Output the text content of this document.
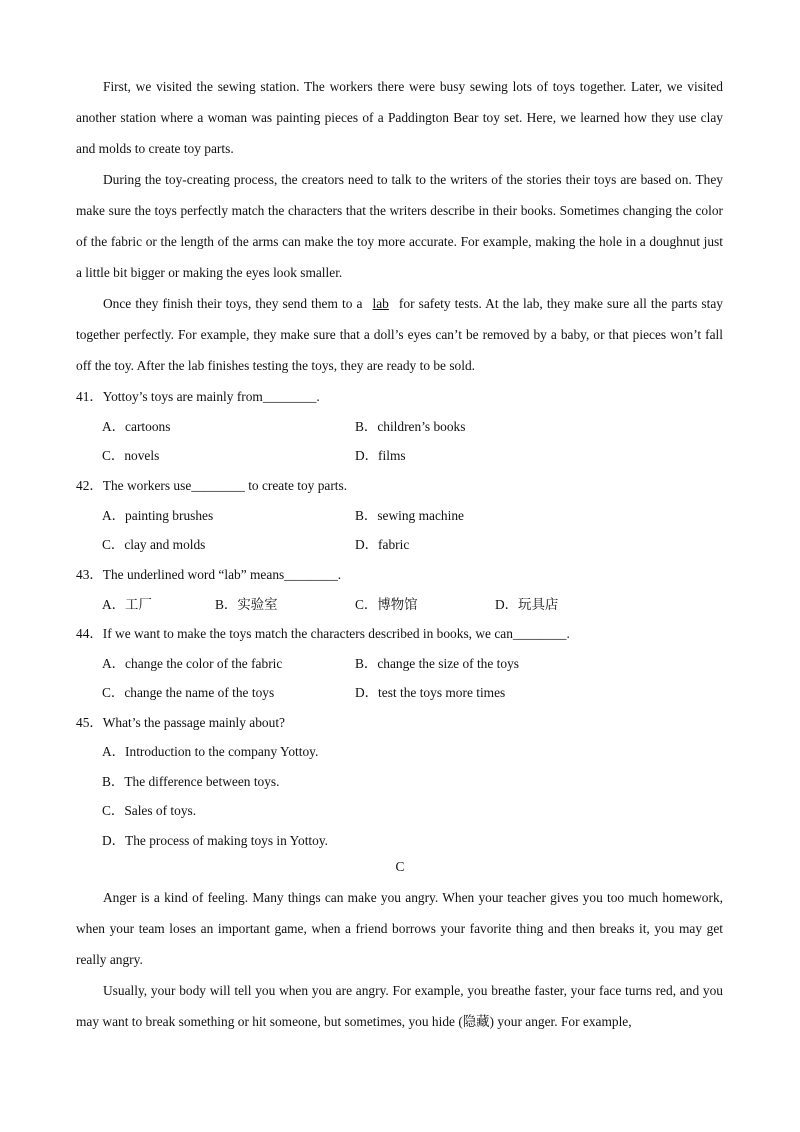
First, we visited the sewing station. The workers there were busy sewing lots of toys together. Later, we visited another station where a woman was painting pieces of a Paddington Bear toy set. Here, we learned how they use clay and molds to create toy parts.

During the toy-creating process, the creators need to talk to the writers of the stories their toys are based on. They make sure the toys perfectly match the characters that the writers describe in their books. Sometimes changing the color of the fabric or the length of the arms can make the toy more accurate. For example, making the hole in a doughnut just a little bit bigger or making the eyes look smaller.

Once they finish their toys, they send them to a lab for safety tests. At the lab, they make sure all the parts stay together perfectly. For example, they make sure that a doll’s eyes can’t be removed by a baby, or that pieces won’t fall off the toy. After the lab finishes testing the toys, they are ready to be sold.

41．Yottoy’s toys are mainly from________.
A．cartoons	B．children’s books
C．novels	D．films
42．The workers use________ to create toy parts.
A．painting brushes	B．sewing machine
C．clay and molds	D．fabric
43．The underlined word “lab” means________.
A．工厂	B．实验室	C．博物馆	D．玩具店
44．If we want to make the toys match the characters described in books, we can________.
A．change the color of the fabric	B．change the size of the toys
C．change the name of the toys	D．test the toys more times
45．What’s the passage mainly about?
A．Introduction to the company Yottoy.
B．The difference between toys.
C．Sales of toys.
D．The process of making toys in Yottoy.
C

Anger is a kind of feeling. Many things can make you angry. When your teacher gives you too much homework, when your team loses an important game, when a friend borrows your favorite thing and then breaks it, you may get really angry.

Usually, your body will tell you when you are angry. For example, you breathe faster, your face turns red, and you may want to break something or hit someone, but sometimes, you hide (隐藏) your anger. For example,
